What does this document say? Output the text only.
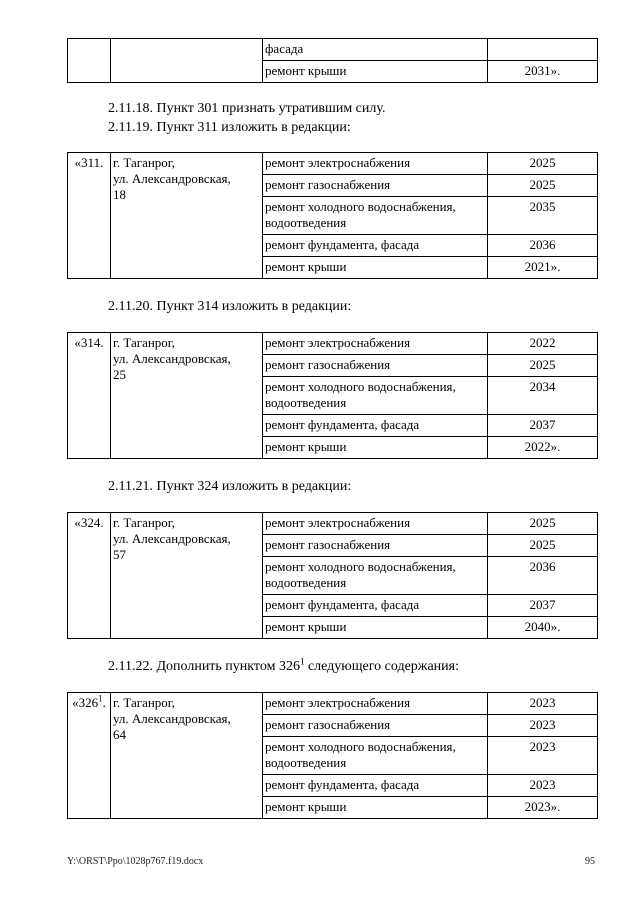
		фасада	
		ремонт крыши	2031».
2.11.18. Пункт 301 признать утратившим силу.
2.11.19. Пункт 311 изложить в редакции:
«311.	г. Таганрог,
ул. Александровская,
18	ремонт электроснабжения	2025
		ремонт газоснабжения	2025
		ремонт холодного водоснабжения, водоотведения	2035
		ремонт фундамента, фасада	2036
		ремонт крыши	2021».
2.11.20. Пункт 314 изложить в редакции:
«314.	г. Таганрог,
ул. Александровская,
25	ремонт электроснабжения	2022
		ремонт газоснабжения	2025
		ремонт холодного водоснабжения, водоотведения	2034
		ремонт фундамента, фасада	2037
		ремонт крыши	2022».
2.11.21. Пункт 324 изложить в редакции:
«324.	г. Таганрог,
ул. Александровская,
57	ремонт электроснабжения	2025
		ремонт газоснабжения	2025
		ремонт холодного водоснабжения, водоотведения	2036
		ремонт фундамента, фасада	2037
		ремонт крыши	2040».
2.11.22. Дополнить пунктом $326^1$ следующего содержания:
«$326^1$.	г. Таганрог,
ул. Александровская,
64	ремонт электроснабжения	2023
		ремонт газоснабжения	2023
		ремонт холодного водоснабжения, водоотведения	2023
		ремонт фундамента, фасада	2023
		ремонт крыши	2023».
Y:\ORST\Ppo\1028p767.f19.docx	95
